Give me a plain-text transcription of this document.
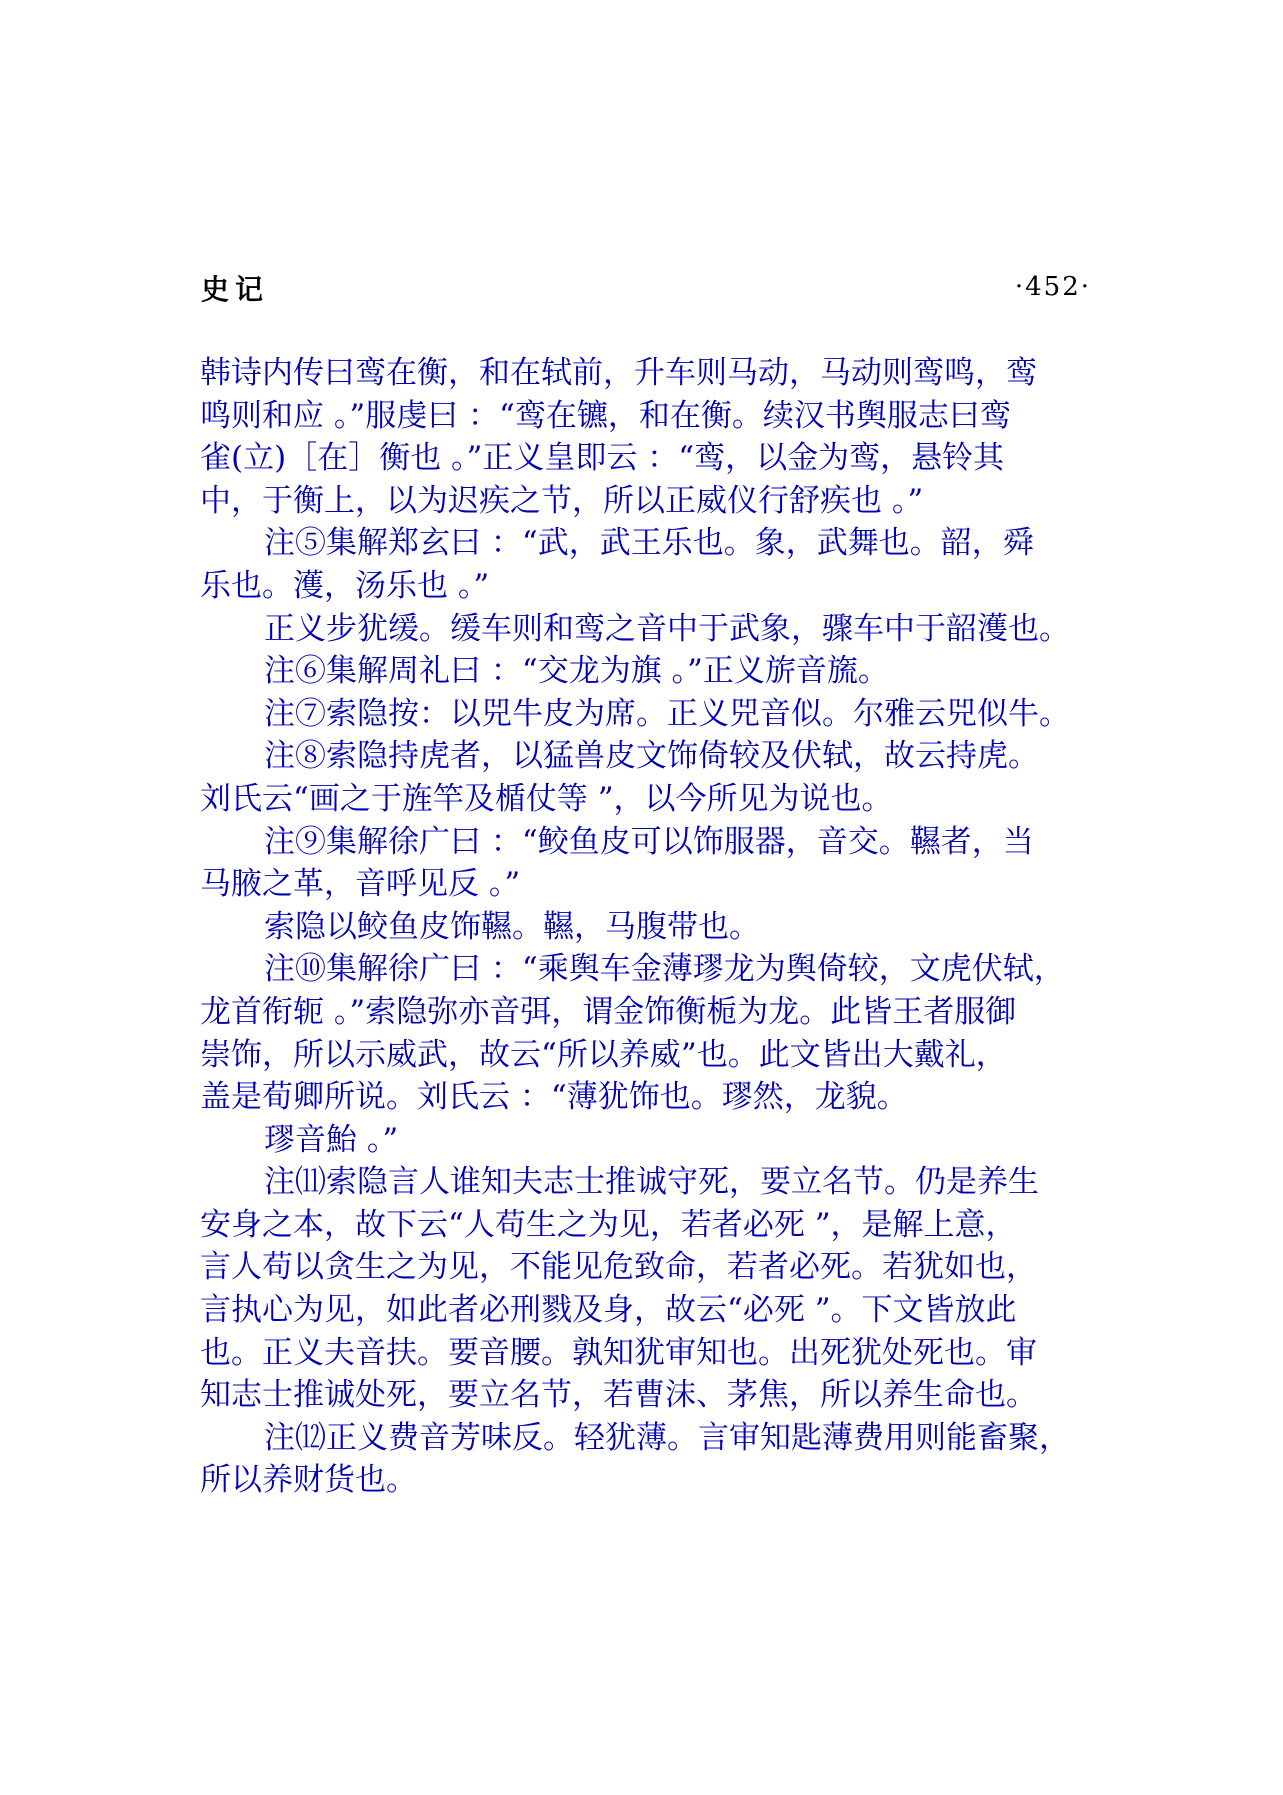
史记	·452·

韩诗内传曰鸾在衡，和在轼前，升车则马动，马动则鸾鸣，鸾

鸣则和应 。”服虔曰 ：“鸾在镳，和在衡。续汉书舆服志曰鸾

雀(立)［在］衡也 。”正义皇即云 ：“鸾，以金为鸾，悬铃其

中，于衡上，以为迟疾之节，所以正威仪行舒疾也 。”

注⑤集解郑玄曰 ：“武，武王乐也。象，武舞也。韶，舜

乐也。濩，汤乐也 。”

正义步犹缓。缓车则和鸾之音中于武象，骤车中于韶濩也。

注⑥集解周礼曰 ：“交龙为旗 。”正义旂音旒。

注⑦索隐按：以兕牛皮为席。正义兕音似。尔雅云兕似牛。

注⑧索隐持虎者，以猛兽皮文饰倚较及伏轼，故云持虎。

刘氏云“画之于旌竿及楯仗等 ”，以今所见为说也。

注⑨集解徐广曰 ：“鲛鱼皮可以饰服器，音交。韅者，当

马腋之革，音呼见反 。”

索隐以鲛鱼皮饰韅。韅，马腹带也。

注⑩集解徐广曰 ：“乘舆车金薄璆龙为舆倚较，文虎伏轼，

龙首衔轭 。”索隐弥亦音弭，谓金饰衡栀为龙。此皆王者服御

崇饰，所以示威武，故云“所以养威”也。此文皆出大戴礼，

盖是荀卿所说。刘氏云 ：“薄犹饰也。璆然，龙貌。

璆音鮐 。”

注⑾索隐言人谁知夫志士推诚守死，要立名节。仍是养生

安身之本，故下云“人苟生之为见，若者必死 ”，是解上意，

言人苟以贪生之为见，不能见危致命，若者必死。若犹如也，

言执心为见，如此者必刑戮及身，故云“必死 ”。下文皆放此

也。正义夫音扶。要音腰。孰知犹审知也。出死犹处死也。审

知志士推诚处死，要立名节，若曹沫、茅焦，所以养生命也。

注⑿正义费音芳味反。轻犹薄。言审知匙薄费用则能畜聚，

所以养财货也。
